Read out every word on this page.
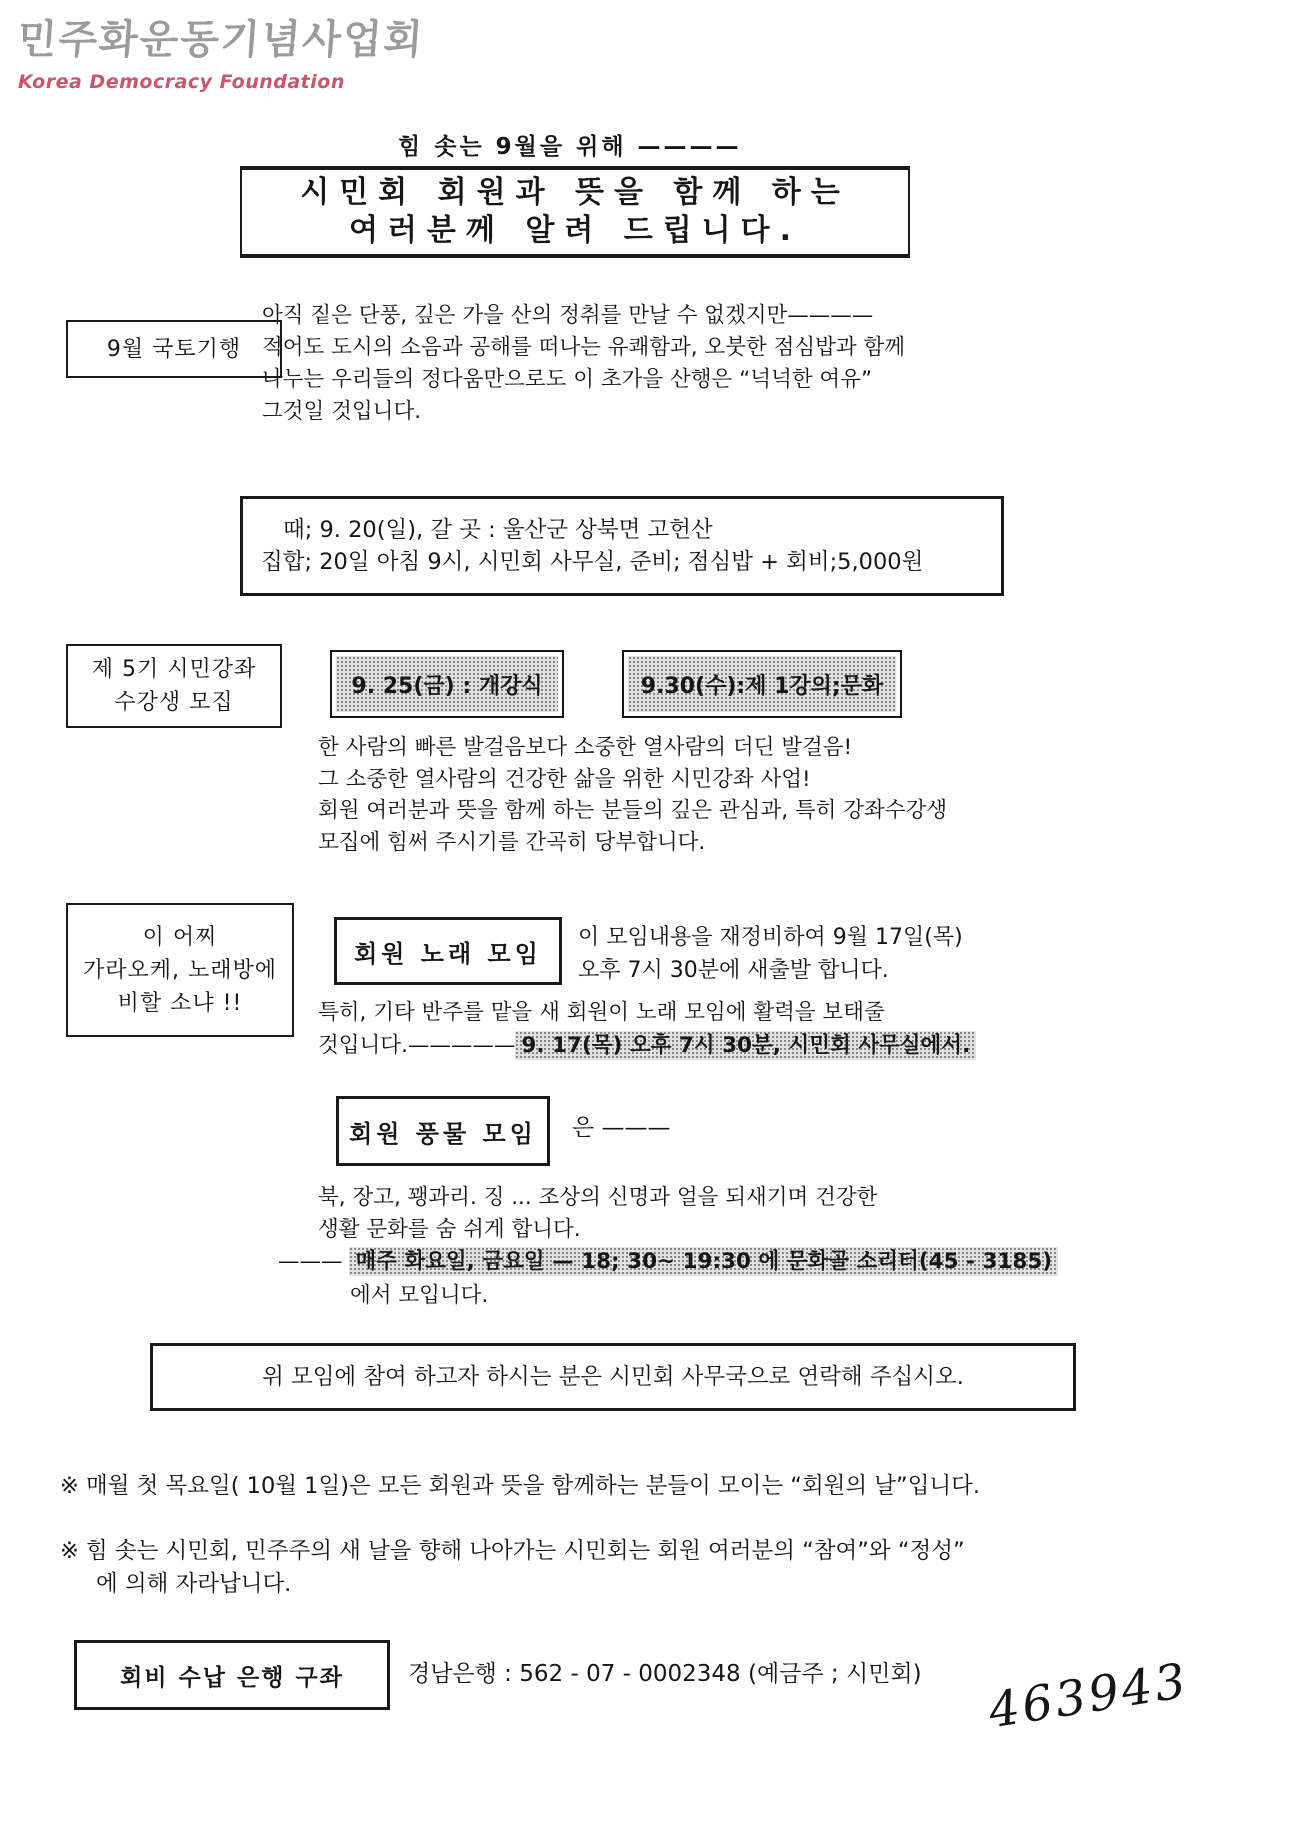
민주화운동기념사업회
Korea Democracy Foundation
힘 솟는 9월을 위해 ————
시민회 회원과 뜻을 함께 하는
여러분께 알려 드립니다.
9월 국토기행
아직 짙은 단풍, 깊은 가을 산의 정취를 만날 수 없겠지만————
적어도 도시의 소음과 공해를 떠나는 유쾌함과, 오붓한 점심밥과 함께
나누는 우리들의 정다움만으로도 이 초가을 산행은 “넉넉한 여유”
그것일 것입니다.
때; 9. 20(일), 갈 곳 : 울산군 상북면 고헌산
집합; 20일 아침 9시, 시민회 사무실, 준비; 점심밥 + 회비;5,000원
제 5기 시민강좌
수강생 모집
9. 25(금) : 개강식	9.30(수):제 1강의;문화
한 사람의 빠른 발걸음보다 소중한 열사람의 더딘 발걸음!
그 소중한 열사람의 건강한 삶을 위한 시민강좌 사업!
회원 여러분과 뜻을 함께 하는 분들의 깊은 관심과, 특히 강좌수강생
모집에 힘써 주시기를 간곡히 당부합니다.
이 어찌
가라오케, 노래방에
비할 소냐 !!
회원 노래 모임
이 모임내용을 재정비하여 9월 17일(목)
오후 7시 30분에 새출발 합니다.
특히, 기타 반주를 맡을 새 회원이 노래 모임에 활력을 보태줄
것입니다.————— 9. 17(목) 오후 7시 30분, 시민회 사무실에서.
회원 풍물 모임 은 ———
북, 장고, 꽹과리. 징 ... 조상의 신명과 얼을 되새기며 건강한
생활 문화를 숨 쉬게 합니다.
——— 매주 화요일, 금요일 — 18; 30~ 19:30 에 문화골 소리터(45 - 3185)
에서 모입니다.
위 모임에 참여 하고자 하시는 분은 시민회 사무국으로 연락해 주십시오.
※ 매월 첫 목요일( 10월 1일)은 모든 회원과 뜻을 함께하는 분들이 모이는 “회원의 날”입니다.
※ 힘 솟는 시민회, 민주주의 새 날을 향해 나아가는 시민회는 회원 여러분의 “참여”와 “정성”
에 의해 자라납니다.
회비 수납 은행 구좌	경남은행 : 562 - 07 - 0002348 (예금주 ; 시민회) 463943
